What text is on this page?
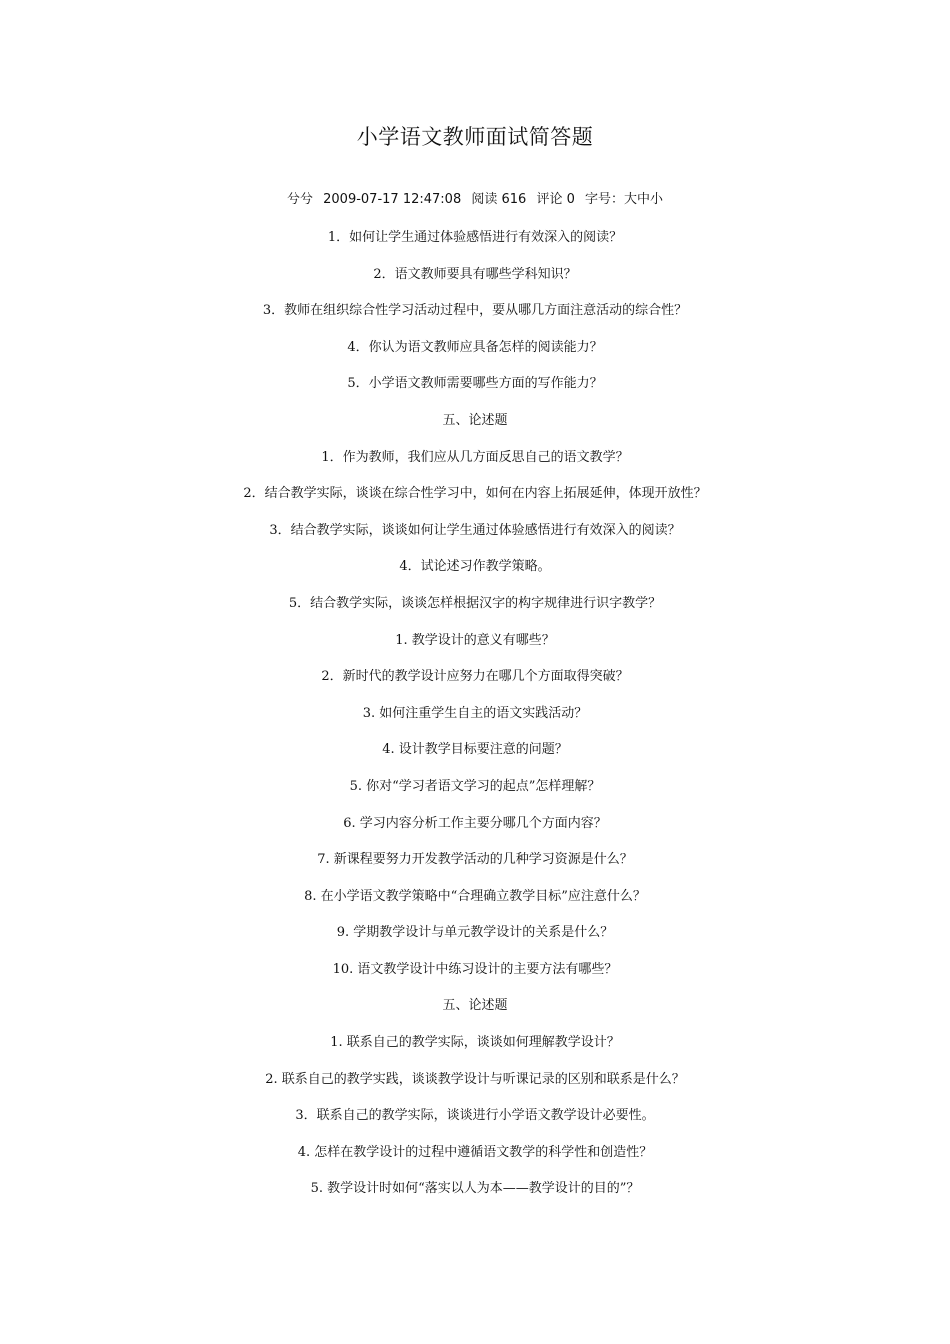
小学语文教师面试简答题
兮兮 2009-07-17 12:47:08 阅读 616 评论 0 字号：大中小
1．如何让学生通过体验感悟进行有效深入的阅读？
2．语文教师要具有哪些学科知识？
3．教师在组织综合性学习活动过程中，要从哪几方面注意活动的综合性？
4．你认为语文教师应具备怎样的阅读能力？
5．小学语文教师需要哪些方面的写作能力？
五、论述题
1．作为教师，我们应从几方面反思自己的语文教学？
2．结合教学实际，谈谈在综合性学习中，如何在内容上拓展延伸，体现开放性？
3．结合教学实际，谈谈如何让学生通过体验感悟进行有效深入的阅读？
4．试论述习作教学策略。
5．结合教学实际，谈谈怎样根据汉字的构字规律进行识字教学？
1. 教学设计的意义有哪些？
2．新时代的教学设计应努力在哪几个方面取得突破？
3. 如何注重学生自主的语文实践活动？
4. 设计教学目标要注意的问题？
5. 你对“学习者语文学习的起点”怎样理解？
6. 学习内容分析工作主要分哪几个方面内容？
7. 新课程要努力开发教学活动的几种学习资源是什么？
8. 在小学语文教学策略中“合理确立教学目标”应注意什么？
9. 学期教学设计与单元教学设计的关系是什么？
10. 语文教学设计中练习设计的主要方法有哪些？
五、论述题
1. 联系自己的教学实际，谈谈如何理解教学设计？
2. 联系自己的教学实践，谈谈教学设计与听课记录的区别和联系是什么？
3．联系自己的教学实际，谈谈进行小学语文教学设计必要性。
4. 怎样在教学设计的过程中遵循语文教学的科学性和创造性？
5. 教学设计时如何“落实以人为本——教学设计的目的”？
